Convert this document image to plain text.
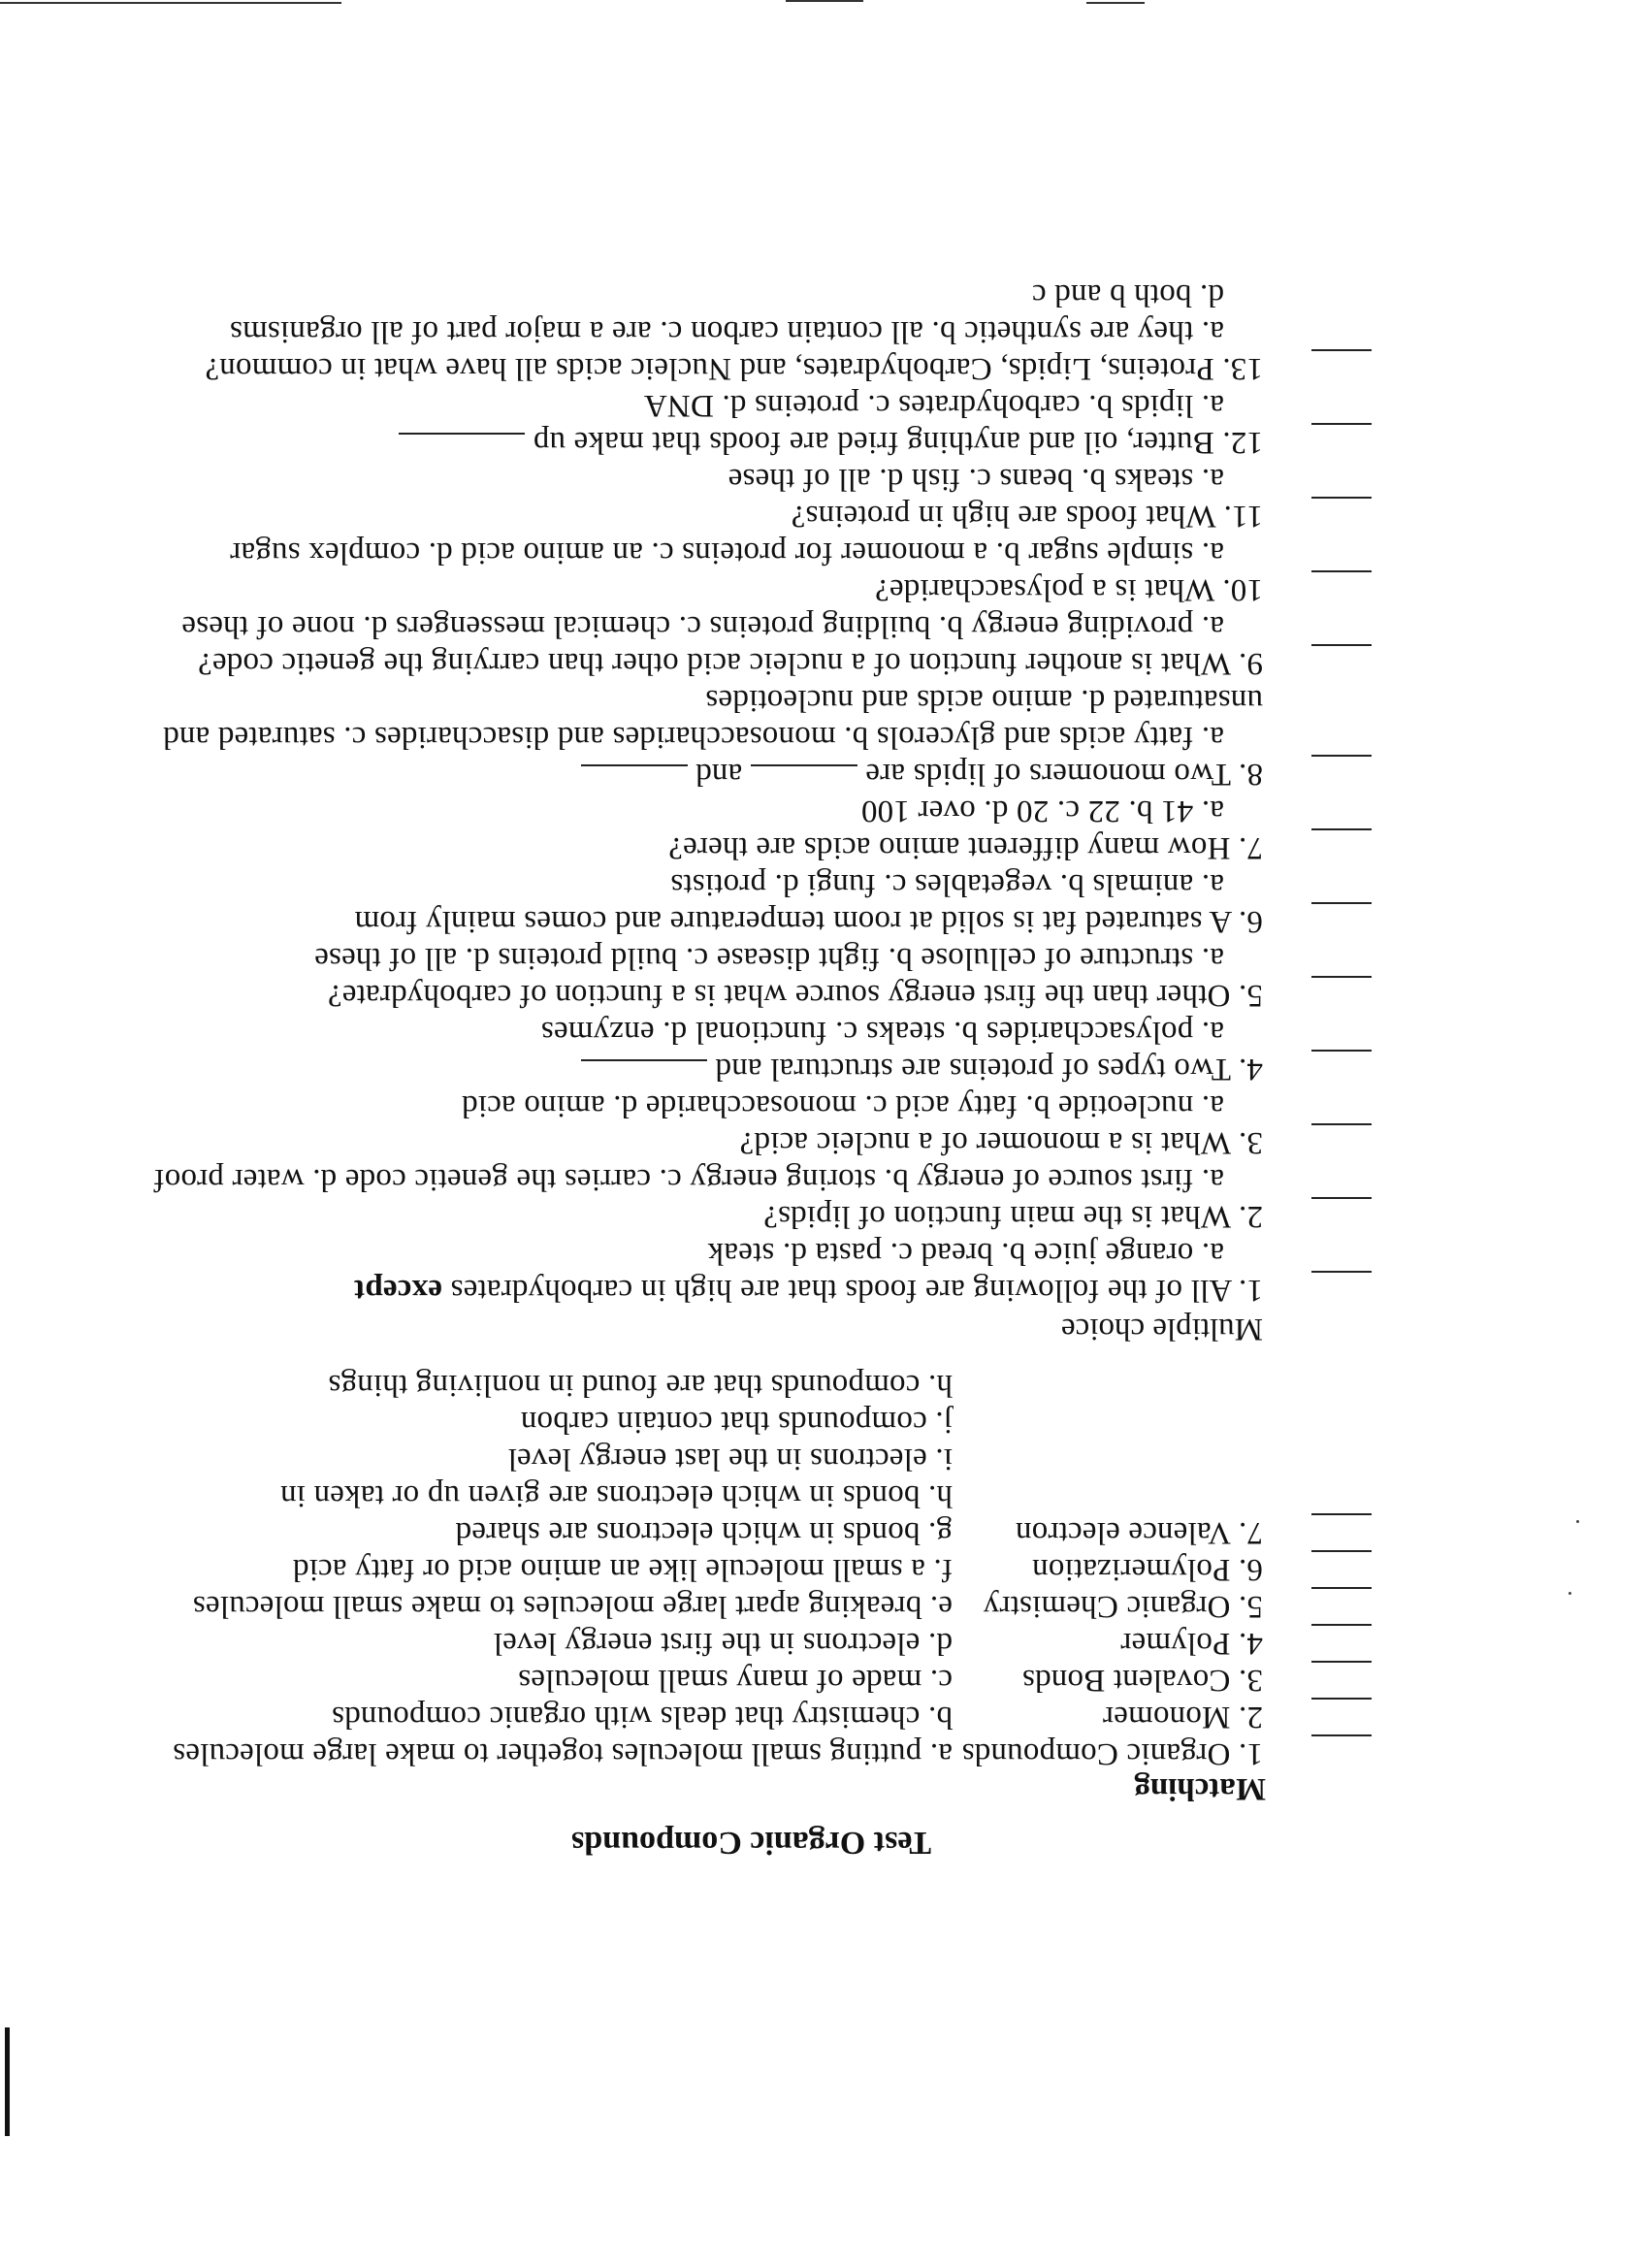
Test Organic Compounds
Matching
1. Organic Compounds
2. Monomer
3. Covalent Bonds
4. Polymer
5. Organic Chemistry
6. Polymerization
7. Valence electron
a. putting small molecules together to make large molecules
b. chemistry that deals with organic compounds
c. made of many small molecules
d. electrons in the first energy level
e. breaking apart large molecules to make small molecules
f. a small molecule like an amino acid or fatty acid
g. bonds in which electrons are shared
h. bonds in which electrons are given up or taken in
i. electrons in the last energy level
j. compounds that contain carbon
h. compounds that are found in nonliving things
Multiple choice
1. All of the following are foods that are high in carbohydrates except
a. orange juice b. bread c. pasta d. steak
2. What is the main function of lipids?
a. first source of energy b. storing energy c. carries the genetic code d. water proof
3. What is a monomer of a nucleic acid?
a. nucleotide b. fatty acid c. monosaccharide d. amino acid
4. Two types of proteins are structural and
a. polysaccharides b. steaks c. functional d. enzymes
5. Other than the first energy source what is a function of carbohydrate?
a. structure of cellulose b. fight disease c. build proteins d. all of these
6. A saturated fat is solid at room temperature and comes mainly from
a. animals b. vegetables c. fungi d. protists
7. How many different amino acids are there?
a. 41 b. 22 c. 20 d. over 100
8. Two monomers of lipids are  and
a. fatty acids and glycerols b. monosaccharides and disaccharides c. saturated and
unsaturated d. amino acids and nucleotides
9. What is another function of a nucleic acid other than carrying the genetic code?
a. providing energy b. building proteins c. chemical messengers d. none of these
10. What is a polysaccharide?
a. simple sugar b. a monomer for proteins c. an amino acid d. complex sugar
11. What foods are high in proteins?
a. steaks b. beans c. fish d. all of these
12. Butter, oil and anything fried are foods that make up
a. lipids b. carbohydrates c. proteins d. DNA
13. Proteins, Lipids, Carbohydrates, and Nucleic acids all have what in common?
a. they are synthetic b. all contain carbon c. are a major part of all organisms
d. both b and c
